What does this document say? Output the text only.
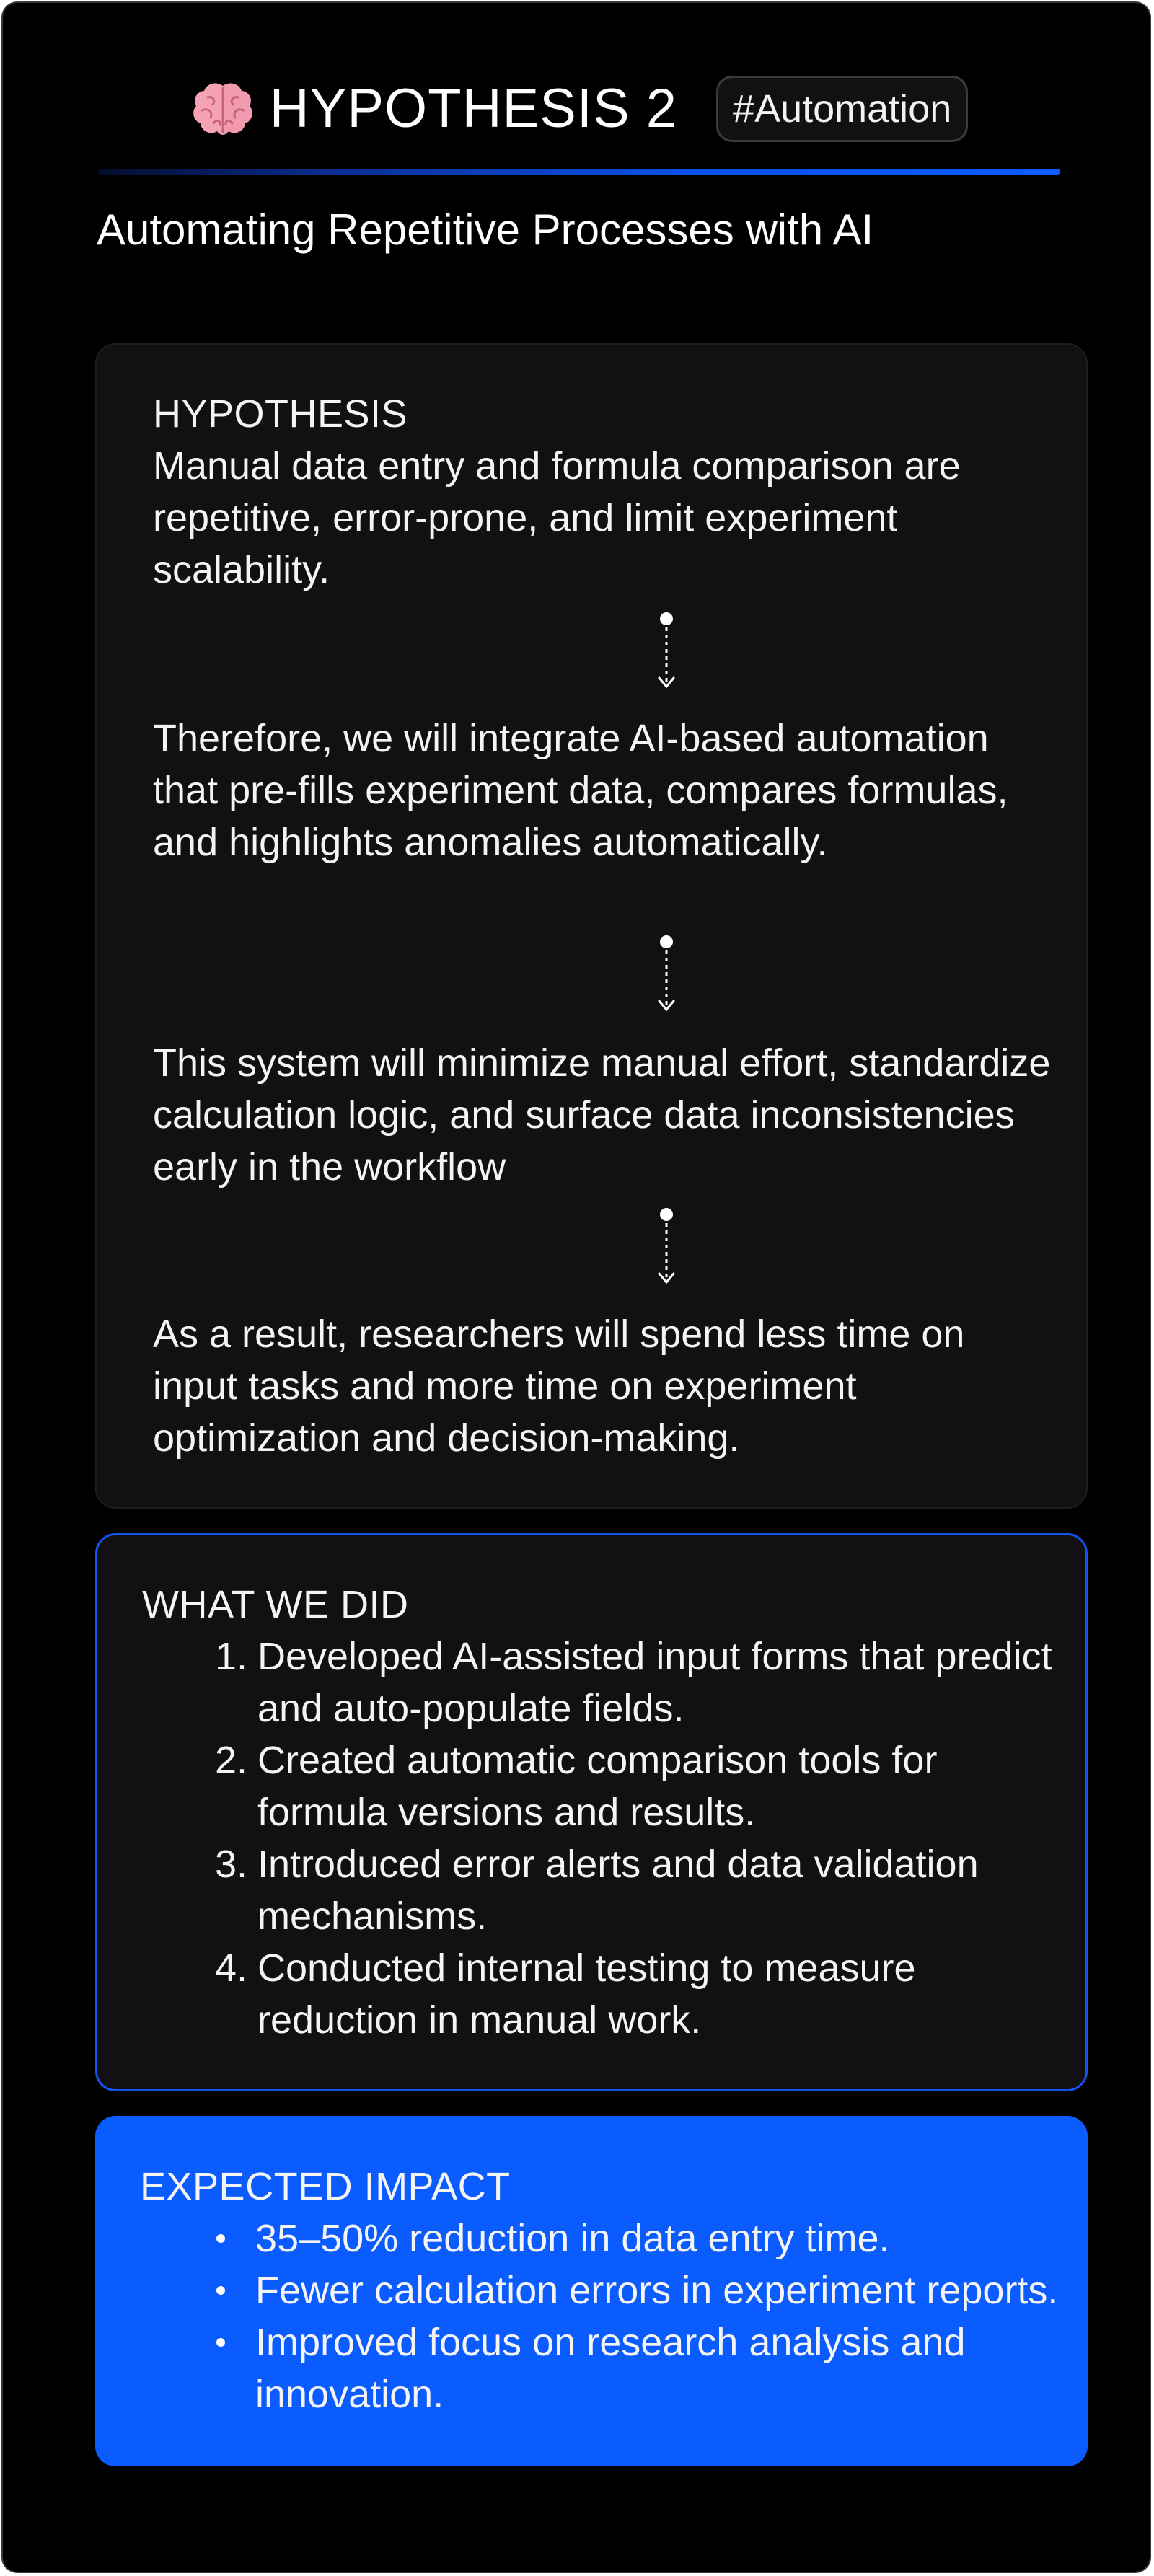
HYPOTHESIS 2	#Automation
Automating Repetitive Processes with AI
HYPOTHESIS

Manual data entry and formula comparison are repetitive, error-prone, and limit experiment scalability.

Therefore, we will integrate AI-based automation that pre-fills experiment data, compares formulas, and highlights anomalies automatically.

This system will minimize manual effort, standardize calculation logic, and surface data inconsistencies early in the workflow

As a result, researchers will spend less time on input tasks and more time on experiment optimization and decision-making.

WHAT WE DID
1. Developed AI-assisted input forms that predict and auto-populate fields.
2. Created automatic comparison tools for formula versions and results.
3. Introduced error alerts and data validation mechanisms.
4. Conducted internal testing to measure reduction in manual work.
EXPECTED IMPACT
35–50% reduction in data entry time.
Fewer calculation errors in experiment reports.
Improved focus on research analysis and innovation.
